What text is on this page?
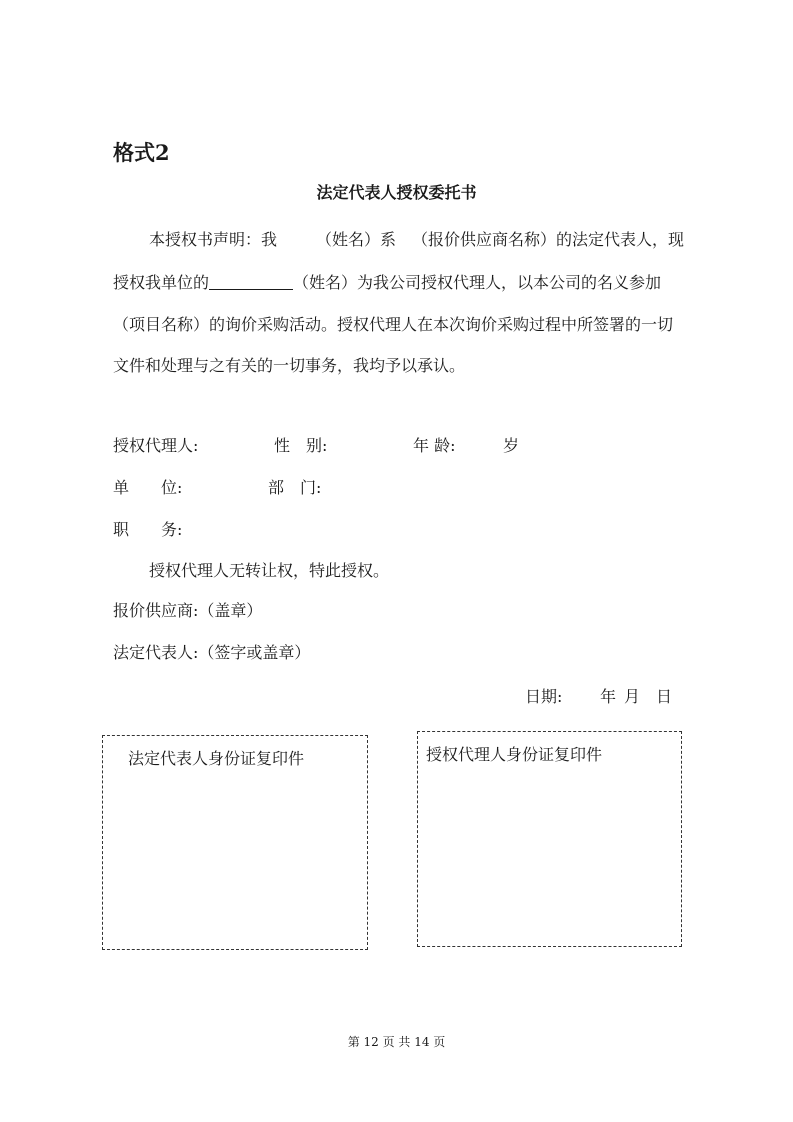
格式2
法定代表人授权委托书
本授权书声明：我 （姓名）系 （报价供应商名称）的法定代表人，现
授权我单位的	（姓名）为我公司授权代理人，以本公司的名义参加
（项目名称）的询价采购活动。授权代理人在本次询价采购过程中所签署的一切
文件和处理与之有关的一切事务，我均予以承认。
授权代理人:	性　别:	年 龄:	岁
单　　位:	部　门:
职　　务:
授权代理人无转让权，特此授权。
报价供应商:（盖章）
法定代表人:（签字或盖章）
日期: 年 月 日
法定代表人身份证复印件	授权代理人身份证复印件
第 12 页 共 14 页
